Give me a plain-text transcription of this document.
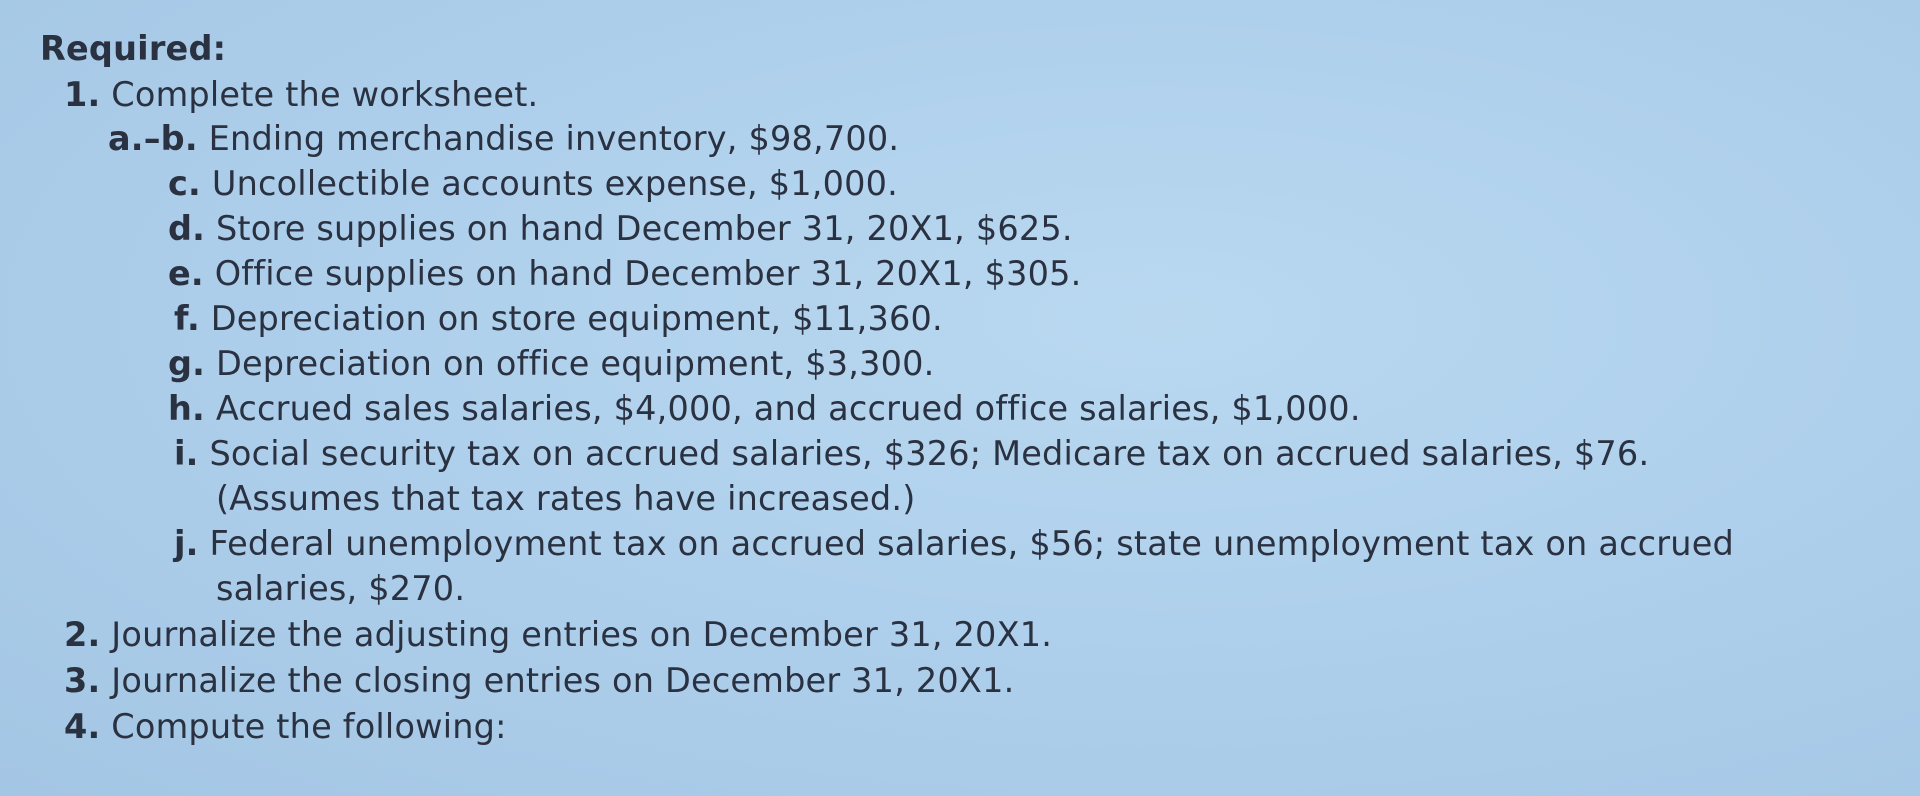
Required:
1. Complete the worksheet.
a.–b. Ending merchandise inventory, $98,700.
c. Uncollectible accounts expense, $1,000.
d. Store supplies on hand December 31, 20X1, $625.
e. Office supplies on hand December 31, 20X1, $305.
f. Depreciation on store equipment, $11,360.
g. Depreciation on office equipment, $3,300.
h. Accrued sales salaries, $4,000, and accrued office salaries, $1,000.
i. Social security tax on accrued salaries, $326; Medicare tax on accrued salaries, $76.
(Assumes that tax rates have increased.)
j. Federal unemployment tax on accrued salaries, $56; state unemployment tax on accrued
salaries, $270.
2. Journalize the adjusting entries on December 31, 20X1.
3. Journalize the closing entries on December 31, 20X1.
4. Compute the following:
